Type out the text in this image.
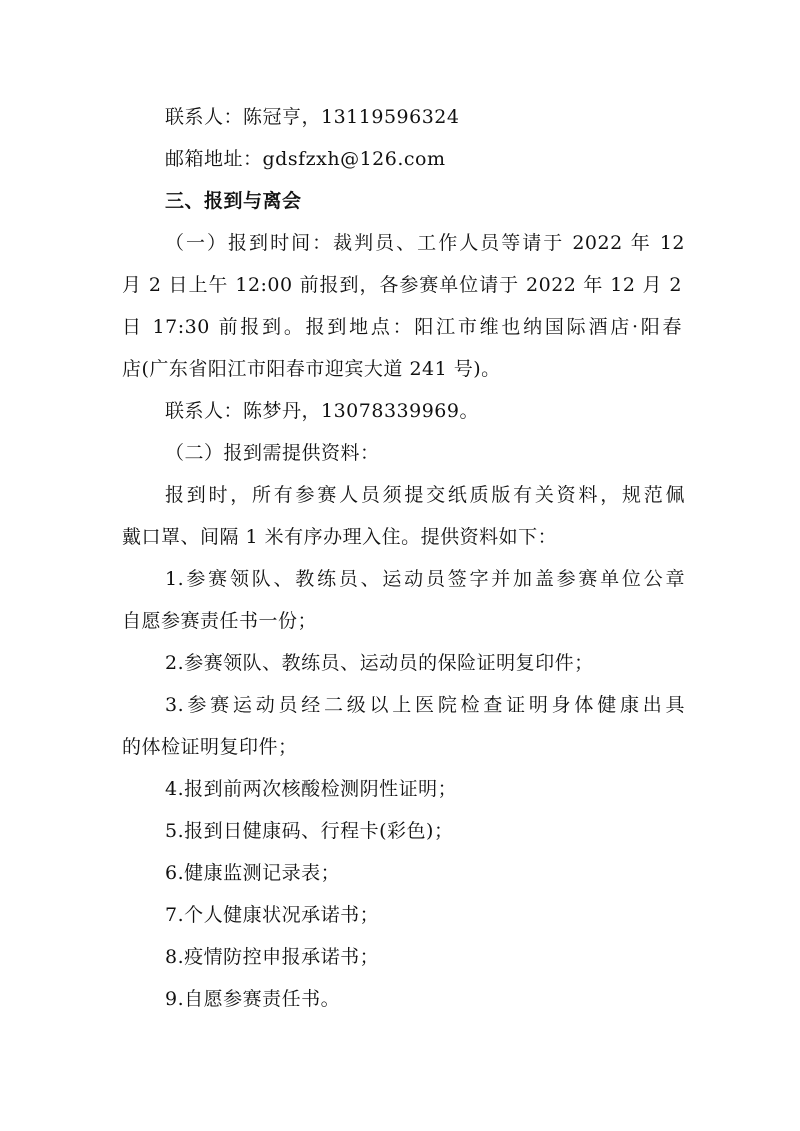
联系人：陈冠亨，13119596324
邮箱地址：gdsfzxh@126.com
三、报到与离会
（一）报到时间：裁判员、工作人员等请于 2022 年 12
月 2 日上午 12:00 前报到，各参赛单位请于 2022 年 12 月 2
日 17:30 前报到。报到地点：阳江市维也纳国际酒店·阳春
店(广东省阳江市阳春市迎宾大道 241 号)。
联系人：陈梦丹，13078339969。
（二）报到需提供资料：
报到时，所有参赛人员须提交纸质版有关资料，规范佩
戴口罩、间隔 1 米有序办理入住。提供资料如下：
1.参赛领队、教练员、运动员签字并加盖参赛单位公章
自愿参赛责任书一份；
2.参赛领队、教练员、运动员的保险证明复印件；
3.参赛运动员经二级以上医院检查证明身体健康出具
的体检证明复印件；
4.报到前两次核酸检测阴性证明；
5.报到日健康码、行程卡(彩色)；
6.健康监测记录表；
7.个人健康状况承诺书；
8.疫情防控申报承诺书；
9.自愿参赛责任书。
